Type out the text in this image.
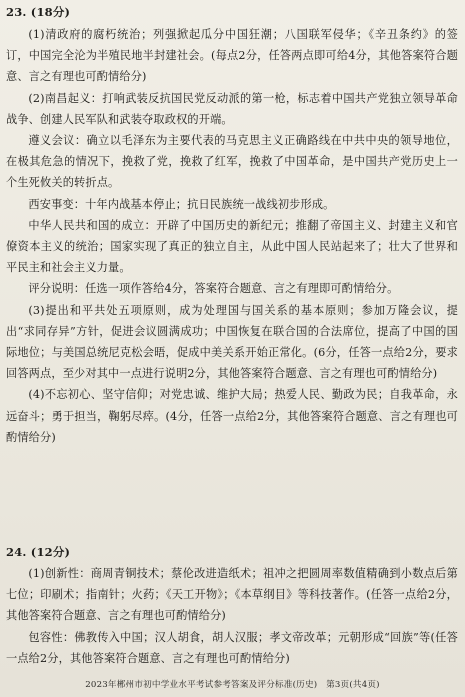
23. (18分)

(1)清政府的腐朽统治；列强掀起瓜分中国狂潮；八国联军侵华；《辛丑条约》的签订，中国完全沦为半殖民地半封建社会。(每点2分，任答两点即可给4分，其他答案符合题意、言之有理也可酌情给分)

(2)南昌起义：打响武装反抗国民党反动派的第一枪，标志着中国共产党独立领导革命战争、创建人民军队和武装夺取政权的开端。

遵义会议：确立以毛泽东为主要代表的马克思主义正确路线在中共中央的领导地位，在极其危急的情况下，挽救了党，挽救了红军，挽救了中国革命，是中国共产党历史上一个生死攸关的转折点。

西安事变：十年内战基本停止；抗日民族统一战线初步形成。

中华人民共和国的成立：开辟了中国历史的新纪元；推翻了帝国主义、封建主义和官僚资本主义的统治；国家实现了真正的独立自主，从此中国人民站起来了；壮大了世界和平民主和社会主义力量。

评分说明：任选一项作答给4分，答案符合题意、言之有理即可酌情给分。

(3)提出和平共处五项原则，成为处理国与国关系的基本原则；参加万隆会议，提出“求同存异”方针，促进会议圆满成功；中国恢复在联合国的合法席位，提高了中国的国际地位；与美国总统尼克松会晤，促成中美关系开始正常化。(6分，任答一点给2分，要求回答两点，至少对其中一点进行说明2分，其他答案符合题意、言之有理也可酌情给分)

(4)不忘初心、坚守信仰；对党忠诚、维护大局；热爱人民、勤政为民；自我革命，永远奋斗；勇于担当，鞠躬尽瘁。(4分，任答一点给2分，其他答案符合题意、言之有理也可酌情给分)

24. (12分)

(1)创新性：商周青铜技术；蔡伦改进造纸术；祖冲之把圆周率数值精确到小数点后第七位；印刷术；指南针；火药；《天工开物》；《本草纲目》等科技著作。(任答一点给2分，其他答案符合题意、言之有理也可酌情给分)

包容性：佛教传入中国；汉人胡食，胡人汉服；孝文帝改革；元朝形成“回族”等(任答一点给2分，其他答案符合题意、言之有理也可酌情给分)

2023年郴州市初中学业水平考试参考答案及评分标准(历史)　第3页(共4页)
